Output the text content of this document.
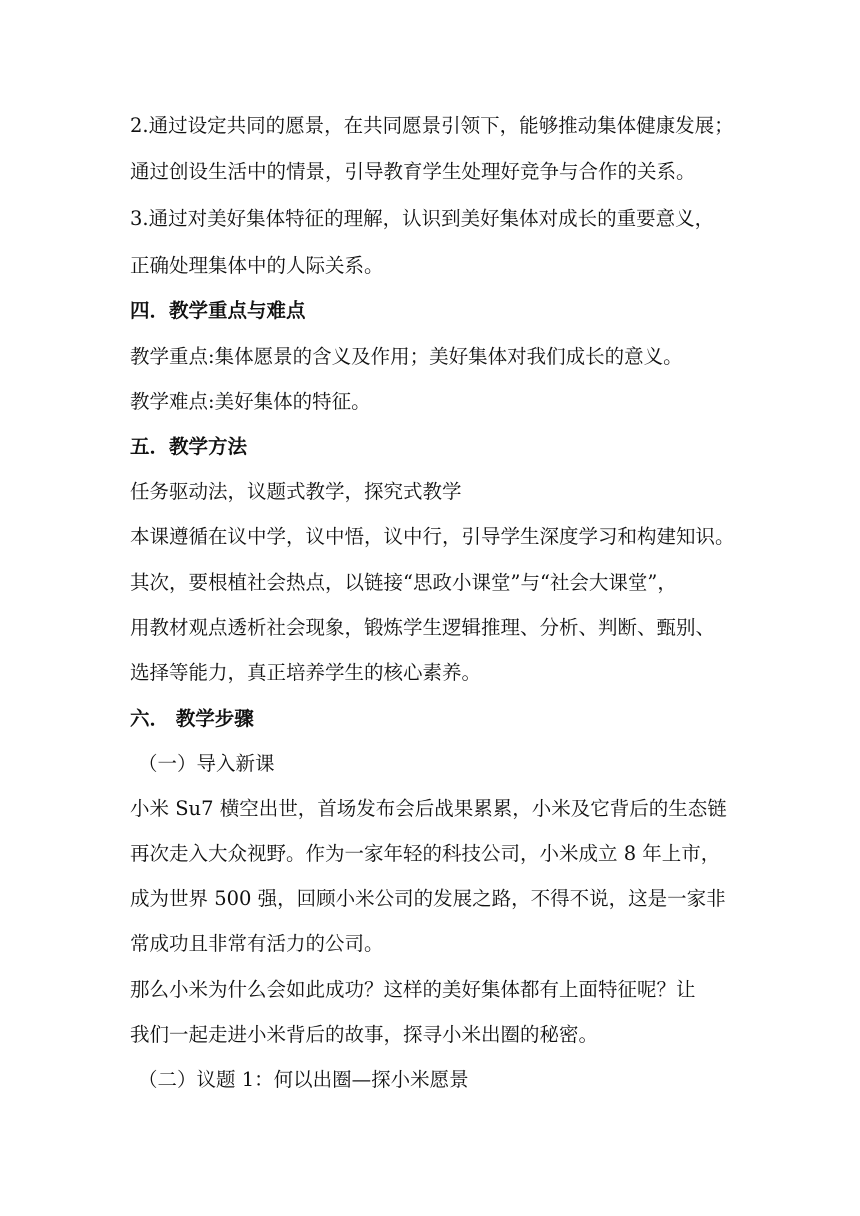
2.通过设定共同的愿景，在共同愿景引领下，能够推动集体健康发展；
通过创设生活中的情景，引导教育学生处理好竞争与合作的关系。
3.通过对美好集体特征的理解，认识到美好集体对成长的重要意义，
正确处理集体中的人际关系。
四．教学重点与难点
教学重点:集体愿景的含义及作用；美好集体对我们成长的意义。
教学难点:美好集体的特征。
五．教学方法
任务驱动法，议题式教学，探究式教学
本课遵循在议中学，议中悟，议中行，引导学生深度学习和构建知识。
其次，要根植社会热点，以链接“思政小课堂”与“社会大课堂”，
用教材观点透析社会现象，锻炼学生逻辑推理、分析、判断、甄别、
选择等能力，真正培养学生的核心素养。
六． 教学步骤
（一）导入新课
小米 Su7 横空出世，首场发布会后战果累累，小米及它背后的生态链
再次走入大众视野。作为一家年轻的科技公司，小米成立 8 年上市，
成为世界 500 强，回顾小米公司的发展之路，不得不说，这是一家非
常成功且非常有活力的公司。
那么小米为什么会如此成功？这样的美好集体都有上面特征呢？让
我们一起走进小米背后的故事，探寻小米出圈的秘密。
（二）议题 1：何以出圈—探小米愿景
